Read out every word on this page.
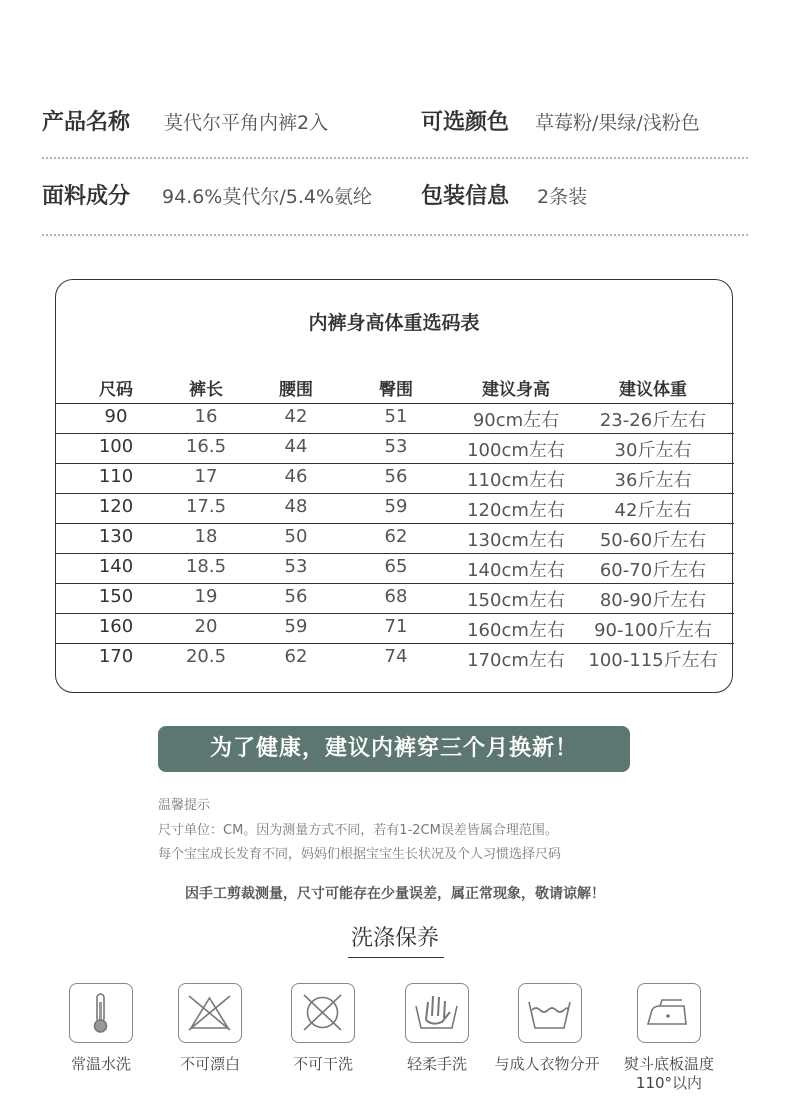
产品名称 莫代尔平角内裤2入	可选颜色 草莓粉/果绿/浅粉色
面料成分 94.6%莫代尔/5.4%氨纶 包装信息 2条装
内裤身高体重选码表
尺码	裤长	腰围	臀围	建议身高	建议体重
90	16	42	51	90cm左右	23-26斤左右
100	16.5	44	53	100cm左右	30斤左右
110	17	46	56	110cm左右	36斤左右
120	17.5	48	59	120cm左右	42斤左右
130	18	50	62	130cm左右	50-60斤左右
140	18.5	53	65	140cm左右	60-70斤左右
150	19	56	68	150cm左右	80-90斤左右
160	20	59	71	160cm左右	90-100斤左右
170	20.5	62	74	170cm左右	100-115斤左右
为了健康，建议内裤穿三个月换新！
温馨提示
尺寸单位：CM。因为测量方式不同，若有1-2CM误差皆属合理范围。
每个宝宝成长发育不同，妈妈们根据宝宝生长状况及个人习惯选择尺码
因手工剪裁测量，尺寸可能存在少量误差，属正常现象，敬请谅解！
洗涤保养
常温水洗	不可漂白	不可干洗	轻柔手洗	与成人衣物分开	熨斗底板温度
110°以内
